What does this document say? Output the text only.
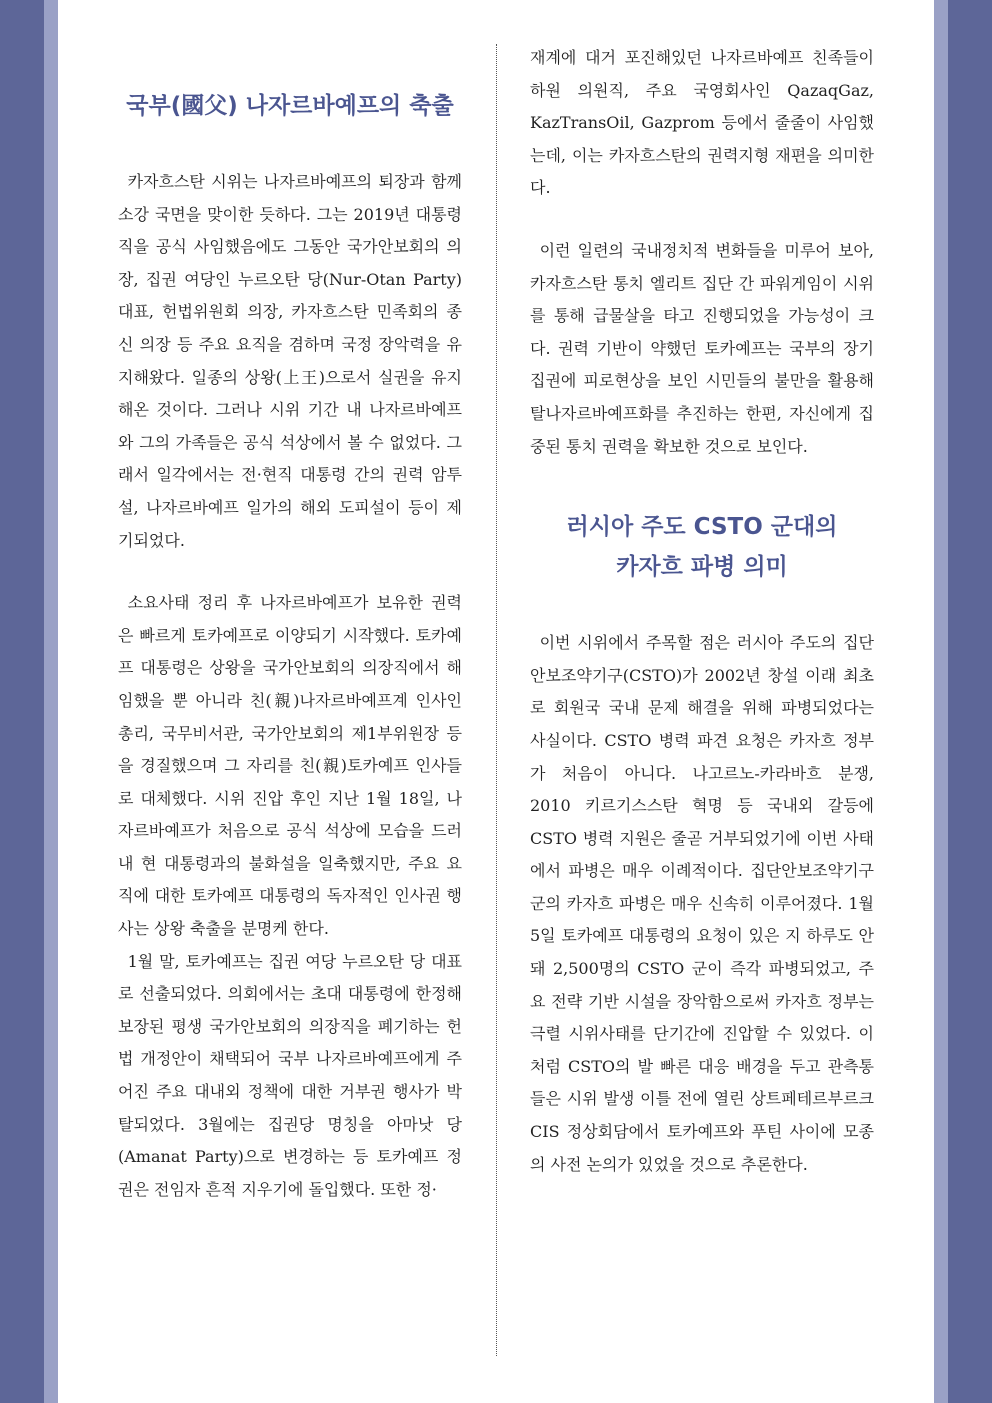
국부(國父) 나자르바예프의 축출

카자흐스탄 시위는 나자르바예프의 퇴장과 함께 소강 국면을 맞이한 듯하다. 그는 2019년 대통령직을 공식 사임했음에도 그동안 국가안보회의 의장, 집권 여당인 누르오탄 당(Nur-Otan Party) 대표, 헌법위원회 의장, 카자흐스탄 민족회의 종신 의장 등 주요 요직을 겸하며 국정 장악력을 유지해왔다. 일종의 상왕(上王)으로서 실권을 유지해온 것이다. 그러나 시위 기간 내 나자르바예프와 그의 가족들은 공식 석상에서 볼 수 없었다. 그래서 일각에서는 전·현직 대통령 간의 권력 암투설, 나자르바예프 일가의 해외 도피설이 등이 제기되었다.

소요사태 정리 후 나자르바예프가 보유한 권력은 빠르게 토카예프로 이양되기 시작했다. 토카예프 대통령은 상왕을 국가안보회의 의장직에서 해임했을 뿐 아니라 친(親)나자르바예프계 인사인 총리, 국무비서관, 국가안보회의 제1부위원장 등을 경질했으며 그 자리를 친(親)토카예프 인사들로 대체했다. 시위 진압 후인 지난 1월 18일, 나자르바예프가 처음으로 공식 석상에 모습을 드러내 현 대통령과의 불화설을 일축했지만, 주요 요직에 대한 토카예프 대통령의 독자적인 인사권 행사는 상왕 축출을 분명케 한다.

1월 말, 토카예프는 집권 여당 누르오탄 당 대표로 선출되었다. 의회에서는 초대 대통령에 한정해 보장된 평생 국가안보회의 의장직을 폐기하는 헌법 개정안이 채택되어 국부 나자르바예프에게 주어진 주요 대내외 정책에 대한 거부권 행사가 박탈되었다. 3월에는 집권당 명칭을 아마낫 당(Amanat Party)으로 변경하는 등 토카예프 정권은 전임자 흔적 지우기에 돌입했다. 또한 정·

재계에 대거 포진해있던 나자르바예프 친족들이 하원 의원직, 주요 국영회사인 QazaqGaz, KazTransOil, Gazprom 등에서 줄줄이 사임했는데, 이는 카자흐스탄의 권력지형 재편을 의미한다.

이런 일련의 국내정치적 변화들을 미루어 보아, 카자흐스탄 통치 엘리트 집단 간 파워게임이 시위를 통해 급물살을 타고 진행되었을 가능성이 크다. 권력 기반이 약했던 토카예프는 국부의 장기집권에 피로현상을 보인 시민들의 불만을 활용해 탈나자르바예프화를 추진하는 한편, 자신에게 집중된 통치 권력을 확보한 것으로 보인다.

러시아 주도 CSTO 군대의
카자흐 파병 의미

이번 시위에서 주목할 점은 러시아 주도의 집단안보조약기구(CSTO)가 2002년 창설 이래 최초로 회원국 국내 문제 해결을 위해 파병되었다는 사실이다. CSTO 병력 파견 요청은 카자흐 정부가 처음이 아니다. 나고르노-카라바흐 분쟁, 2010 키르기스스탄 혁명 등 국내외 갈등에 CSTO 병력 지원은 줄곧 거부되었기에 이번 사태에서 파병은 매우 이례적이다. 집단안보조약기구군의 카자흐 파병은 매우 신속히 이루어졌다. 1월 5일 토카예프 대통령의 요청이 있은 지 하루도 안 돼 2,500명의 CSTO 군이 즉각 파병되었고, 주요 전략 기반 시설을 장악함으로써 카자흐 정부는 극렬 시위사태를 단기간에 진압할 수 있었다. 이처럼 CSTO의 발 빠른 대응 배경을 두고 관측통들은 시위 발생 이틀 전에 열린 상트페테르부르크 CIS 정상회담에서 토카예프와 푸틴 사이에 모종의 사전 논의가 있었을 것으로 추론한다.
